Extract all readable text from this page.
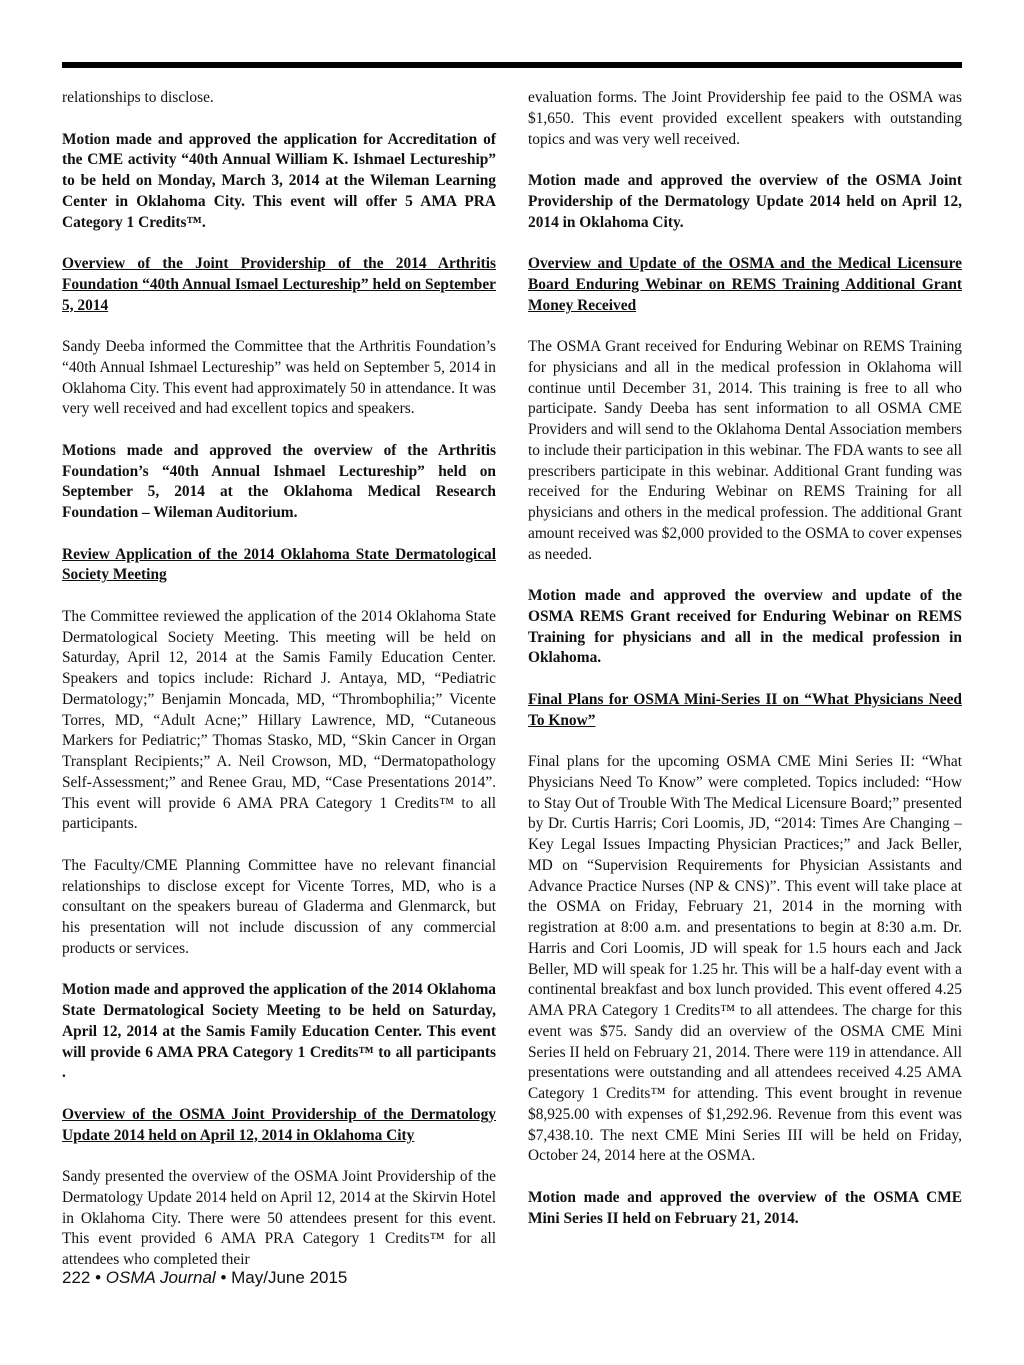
relationships to disclose.

Motion made and approved the application for Accreditation of the CME activity “40th Annual William K. Ishmael Lectureship” to be held on Monday, March 3, 2014 at the Wileman Learning Center in Oklahoma City. This event will offer 5 AMA PRA Category 1 Credits™.

Overview of the Joint Providership of the 2014 Arthritis Foundation “40th Annual Ismael Lectureship” held on September 5, 2014

Sandy Deeba informed the Committee that the Arthritis Foundation’s “40th Annual Ishmael Lectureship” was held on September 5, 2014 in Oklahoma City. This event had approximately 50 in attendance. It was very well received and had excellent topics and speakers.

Motions made and approved the overview of the Arthritis Foundation’s “40th Annual Ishmael Lectureship” held on September 5, 2014 at the Oklahoma Medical Research Foundation – Wileman Auditorium.

Review Application of the 2014 Oklahoma State Dermatological Society Meeting

The Committee reviewed the application of the 2014 Oklahoma State Dermatological Society Meeting. This meeting will be held on Saturday, April 12, 2014 at the Samis Family Education Center. Speakers and topics include: Richard J. Antaya, MD, “Pediatric Dermatology;” Benjamin Moncada, MD, “Thrombophilia;” Vicente Torres, MD, “Adult Acne;” Hillary Lawrence, MD, “Cutaneous Markers for Pediatric;” Thomas Stasko, MD, “Skin Cancer in Organ Transplant Recipients;” A. Neil Crowson, MD, “Dermatopathology Self-Assessment;” and Renee Grau, MD, “Case Presentations 2014”. This event will provide 6 AMA PRA Category 1 Credits™ to all participants.

The Faculty/CME Planning Committee have no relevant financial relationships to disclose except for Vicente Torres, MD, who is a consultant on the speakers bureau of Gladerma and Glenmarck, but his presentation will not include discussion of any commercial products or services.

Motion made and approved the application of the 2014 Oklahoma State Dermatological Society Meeting to be held on Saturday, April 12, 2014 at the Samis Family Education Center. This event will provide 6 AMA PRA Category 1 Credits™ to all participants .

Overview of the OSMA Joint Providership of the Dermatology Update 2014 held on April 12, 2014 in Oklahoma City

Sandy presented the overview of the OSMA Joint Providership of the Dermatology Update 2014 held on April 12, 2014 at the Skirvin Hotel in Oklahoma City. There were 50 attendees present for this event. This event provided 6 AMA PRA Category 1 Credits™ for all attendees who completed their

evaluation forms. The Joint Providership fee paid to the OSMA was $1,650. This event provided excellent speakers with outstanding topics and was very well received.

Motion made and approved the overview of the OSMA Joint Providership of the Dermatology Update 2014 held on April 12, 2014 in Oklahoma City.

Overview and Update of the OSMA and the Medical Licensure Board Enduring Webinar on REMS Training Additional Grant Money Received

The OSMA Grant received for Enduring Webinar on REMS Training for physicians and all in the medical profession in Oklahoma will continue until December 31, 2014. This training is free to all who participate. Sandy Deeba has sent information to all OSMA CME Providers and will send to the Oklahoma Dental Association members to include their participation in this webinar. The FDA wants to see all prescribers participate in this webinar. Additional Grant funding was received for the Enduring Webinar on REMS Training for all physicians and others in the medical profession. The additional Grant amount received was $2,000 provided to the OSMA to cover expenses as needed.

Motion made and approved the overview and update of the OSMA REMS Grant received for Enduring Webinar on REMS Training for physicians and all in the medical profession in Oklahoma.

Final Plans for OSMA Mini-Series II on “What Physicians Need To Know”

Final plans for the upcoming OSMA CME Mini Series II: “What Physicians Need To Know” were completed. Topics included: “How to Stay Out of Trouble With The Medical Licensure Board;” presented by Dr. Curtis Harris; Cori Loomis, JD, “2014: Times Are Changing – Key Legal Issues Impacting Physician Practices;” and Jack Beller, MD on “Supervision Requirements for Physician Assistants and Advance Practice Nurses (NP & CNS)”. This event will take place at the OSMA on Friday, February 21, 2014 in the morning with registration at 8:00 a.m. and presentations to begin at 8:30 a.m. Dr. Harris and Cori Loomis, JD will speak for 1.5 hours each and Jack Beller, MD will speak for 1.25 hr. This will be a half-day event with a continental breakfast and box lunch provided. This event offered 4.25 AMA PRA Category 1 Credits™ to all attendees. The charge for this event was $75. Sandy did an overview of the OSMA CME Mini Series II held on February 21, 2014. There were 119 in attendance. All presentations were outstanding and all attendees received 4.25 AMA Category 1 Credits™ for attending. This event brought in revenue $8,925.00 with expenses of $1,292.96. Revenue from this event was $7,438.10. The next CME Mini Series III will be held on Friday, October 24, 2014 here at the OSMA.

Motion made and approved the overview of the OSMA CME Mini Series II held on February 21, 2014.

222 • OSMA Journal • May/June 2015
